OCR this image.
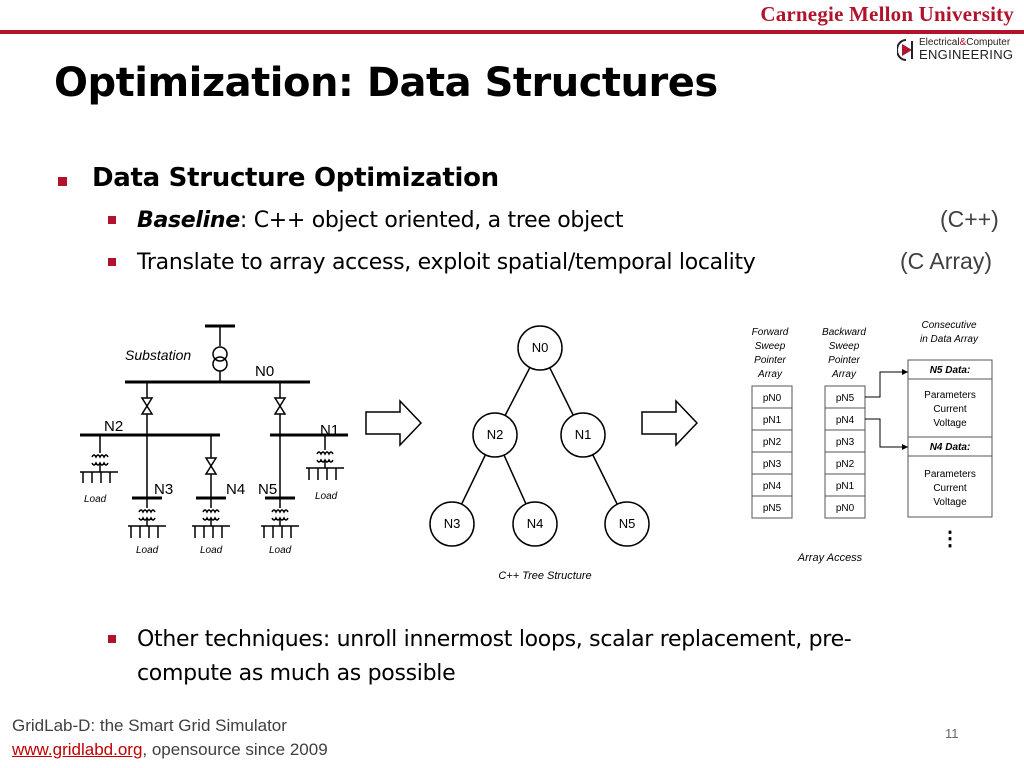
Carnegie Mellon University
Electrical&Computer
ENGINEERING
Optimization: Data Structures
Data Structure Optimization
Baseline: C++ object oriented, a tree object	(C++)
Translate to array access, exploit spatial/temporal locality	(C Array)
Other techniques: unroll innermost loops, scalar replacement, pre-
compute as much as possible
Substation
N0
N2	N1
N3	N4 N5
Load	Load
Load	Load	Load
N0
N2	N1
N3	N4	N5
C++ Tree Structure
Forward
Sweep
Pointer
Array
Backward
Sweep
Pointer
Array
Consecutive
in Data Array
pN0
pN1
pN2
pN3
pN4
pN5
pN5
pN4
pN3
pN2
pN1
pN0
N5 Data:
Parameters
Current
Voltage
N4 Data:
Parameters
Current
Voltage
⋮
Array Access
GridLab-D: the Smart Grid Simulator
www.gridlabd.org, opensource since 2009
11
